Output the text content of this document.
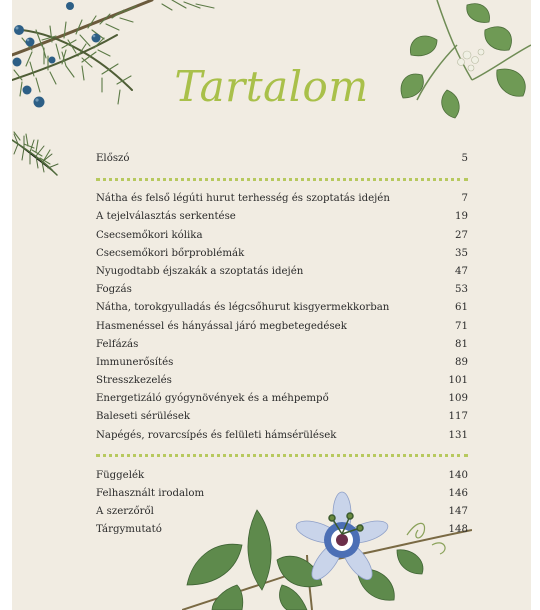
Tartalom
Előszó	5
Nátha és felső légúti hurut terhesség és szoptatás idején	7
A tejelválasztás serkentése	19
Csecsemőkori kólika	27
Csecsemőkori bőrproblémák	35
Nyugodtabb éjszakák a szoptatás idején	47
Fogzás	53
Nátha, torokgyulladás és légcsőhurut kisgyermekkorban	61
Hasmenéssel és hányással járó megbetegedések	71
Felfázás	81
Immunerősítés	89
Stresszkezelés	101
Energetizáló gyógynövények és a méhpempő	109
Baleseti sérülések	117
Napégés, rovarcsípés és felületi hámsérülések	131
Függelék	140
Felhasznált irodalom	146
A szerzőről	147
Tárgymutató	148
